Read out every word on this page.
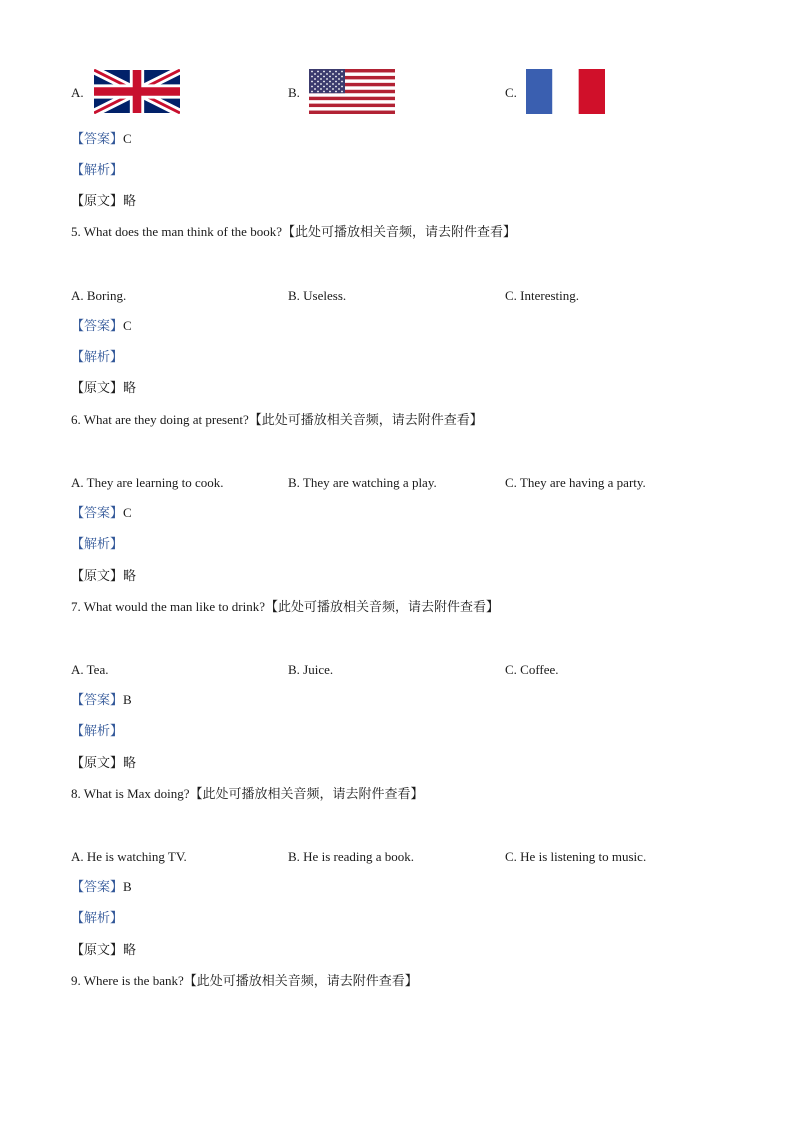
A.	B.	C.
【答案】C
【解析】
【原文】略
5. What does the man think of the book?【此处可播放相关音频，请去附件查看】
A. Boring.	B. Useless.	C. Interesting.
【答案】C
【解析】
【原文】略
6. What are they doing at present?【此处可播放相关音频，请去附件查看】
A. They are learning to cook.	B. They are watching a play.	C. They are having a party.
【答案】C
【解析】
【原文】略
7. What would the man like to drink?【此处可播放相关音频，请去附件查看】
A. Tea.	B. Juice.	C. Coffee.
【答案】B
【解析】
【原文】略
8. What is Max doing?【此处可播放相关音频，请去附件查看】
A. He is watching TV.	B. He is reading a book.	C. He is listening to music.
【答案】B
【解析】
【原文】略
9. Where is the bank?【此处可播放相关音频，请去附件查看】
